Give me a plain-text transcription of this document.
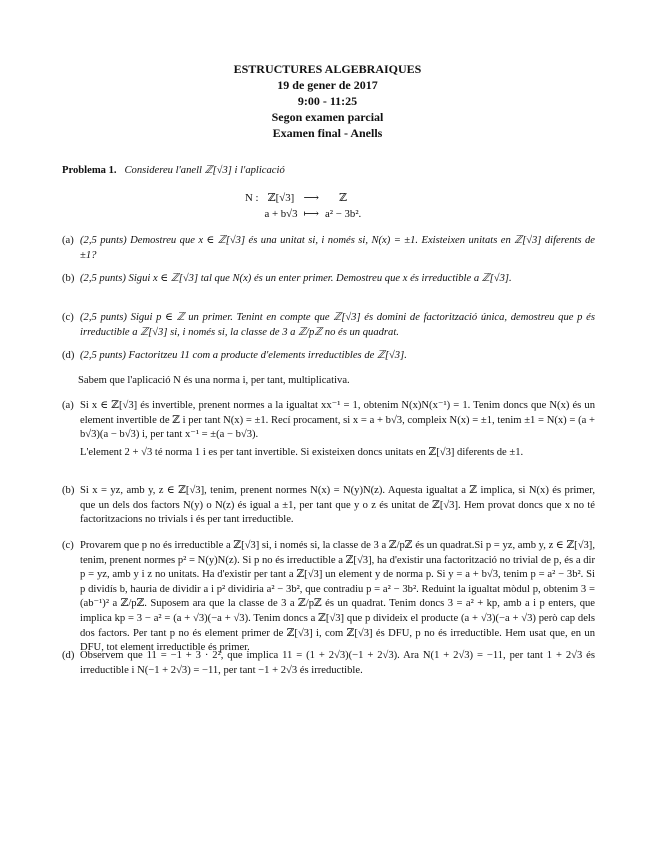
ESTRUCTURES ALGEBRAIQUES
19 de gener de 2017
9:00 - 11:25
Segon examen parcial
Examen final - Anells
Problema 1. Considereu l'anell ℤ[√3] i l'aplicació
N :	ℤ[√3]	⟶	ℤ
	a + b√3	⟼	a² − 3b².
(a) (2,5 punts) Demostreu que x ∈ ℤ[√3] és una unitat si, i només si, N(x) = ±1. Existeixen unitats en ℤ[√3] diferents de ±1?
(b) (2,5 punts) Sigui x ∈ ℤ[√3] tal que N(x) és un enter primer. Demostreu que x és irreductible a ℤ[√3].
(c) (2,5 punts) Sigui p ∈ ℤ un primer. Tenint en compte que ℤ[√3] és domini de factorització única, demostreu que p és irreductible a ℤ[√3] si, i només si, la classe de 3 a ℤ/pℤ no és un quadrat.
(d) (2,5 punts) Factoritzeu 11 com a producte d'elements irreductibles de ℤ[√3].
Sabem que l'aplicació N és una norma i, per tant, multiplicativa.
(a) Si x ∈ ℤ[√3] és invertible, prenent normes a la igualtat xx⁻¹ = 1, obtenim N(x)N(x⁻¹) = 1. Tenim doncs que N(x) és un element invertible de ℤ i per tant N(x) = ±1. Recí procament, si x = a + b√3, compleix N(x) = ±1, tenim ±1 = N(x) = (a + b√3)(a − b√3) i, per tant x⁻¹ = ±(a − b√3).
L'element 2 + √3 té norma 1 i es per tant invertible. Si existeixen doncs unitats en ℤ[√3] diferents de ±1.
(b) Si x = yz, amb y, z ∈ ℤ[√3], tenim, prenent normes N(x) = N(y)N(z). Aquesta igualtat a ℤ implica, si N(x) és primer, que un dels dos factors N(y) o N(z) és igual a ±1, per tant que y o z és unitat de ℤ[√3]. Hem provat doncs que x no té factoritzacions no trivials i és per tant irreductible.
(c) Provarem que p no és irreductible a ℤ[√3] si, i només si, la classe de 3 a ℤ/pℤ és un quadrat.Si p = yz, amb y, z ∈ ℤ[√3], tenim, prenent normes p² = N(y)N(z). Si p no és irreductible a ℤ[√3], ha d'existir una factorització no trivial de p, és a dir p = yz, amb y i z no unitats. Ha d'existir per tant a ℤ[√3] un element y de norma p. Si y = a + b√3, tenim p = a² − 3b². Si p dividís b, hauria de dividir a i p² dividiria a² − 3b², que contradiu p = a² − 3b². Reduint la igualtat mòdul p, obtenim 3 = (ab⁻¹)² a ℤ/pℤ. Suposem ara que la classe de 3 a ℤ/pℤ és un quadrat. Tenim doncs 3 = a² + kp, amb a i p enters, que implica kp = 3 − a² = (a + √3)(−a + √3). Tenim doncs a ℤ[√3] que p divideix el producte (a + √3)(−a + √3) però cap dels dos factors. Per tant p no és element primer de ℤ[√3] i, com ℤ[√3] és DFU, p no és irreductible. Hem usat que, en un DFU, tot element irreductible és primer.
(d) Observem que 11 = −1 + 3 · 2², que implica 11 = (1 + 2√3)(−1 + 2√3). Ara N(1 + 2√3) = −11, per tant 1 + 2√3 és irreductible i N(−1 + 2√3) = −11, per tant −1 + 2√3 és irreductible.
